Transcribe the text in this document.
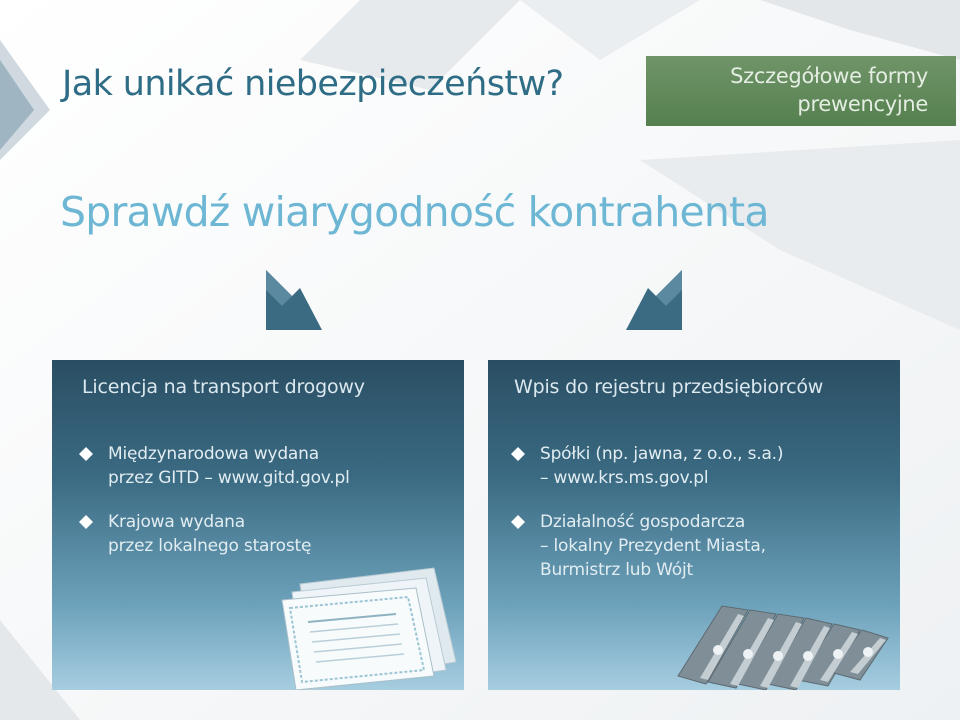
Jak unikać niebezpieczeństw?	Szczegółowe formy
prewencyjne
Sprawdź wiarygodność kontrahenta
Licencja na transport drogowy
Międzynarodowa wydana
przez GITD – www.gitd.gov.pl
Krajowa wydana
przez lokalnego starostę
Wpis do rejestru przedsiębiorców
Spółki (np. jawna, z o.o., s.a.)
– www.krs.ms.gov.pl
Działalność gospodarcza
– lokalny Prezydent Miasta,
Burmistrz lub Wójt
